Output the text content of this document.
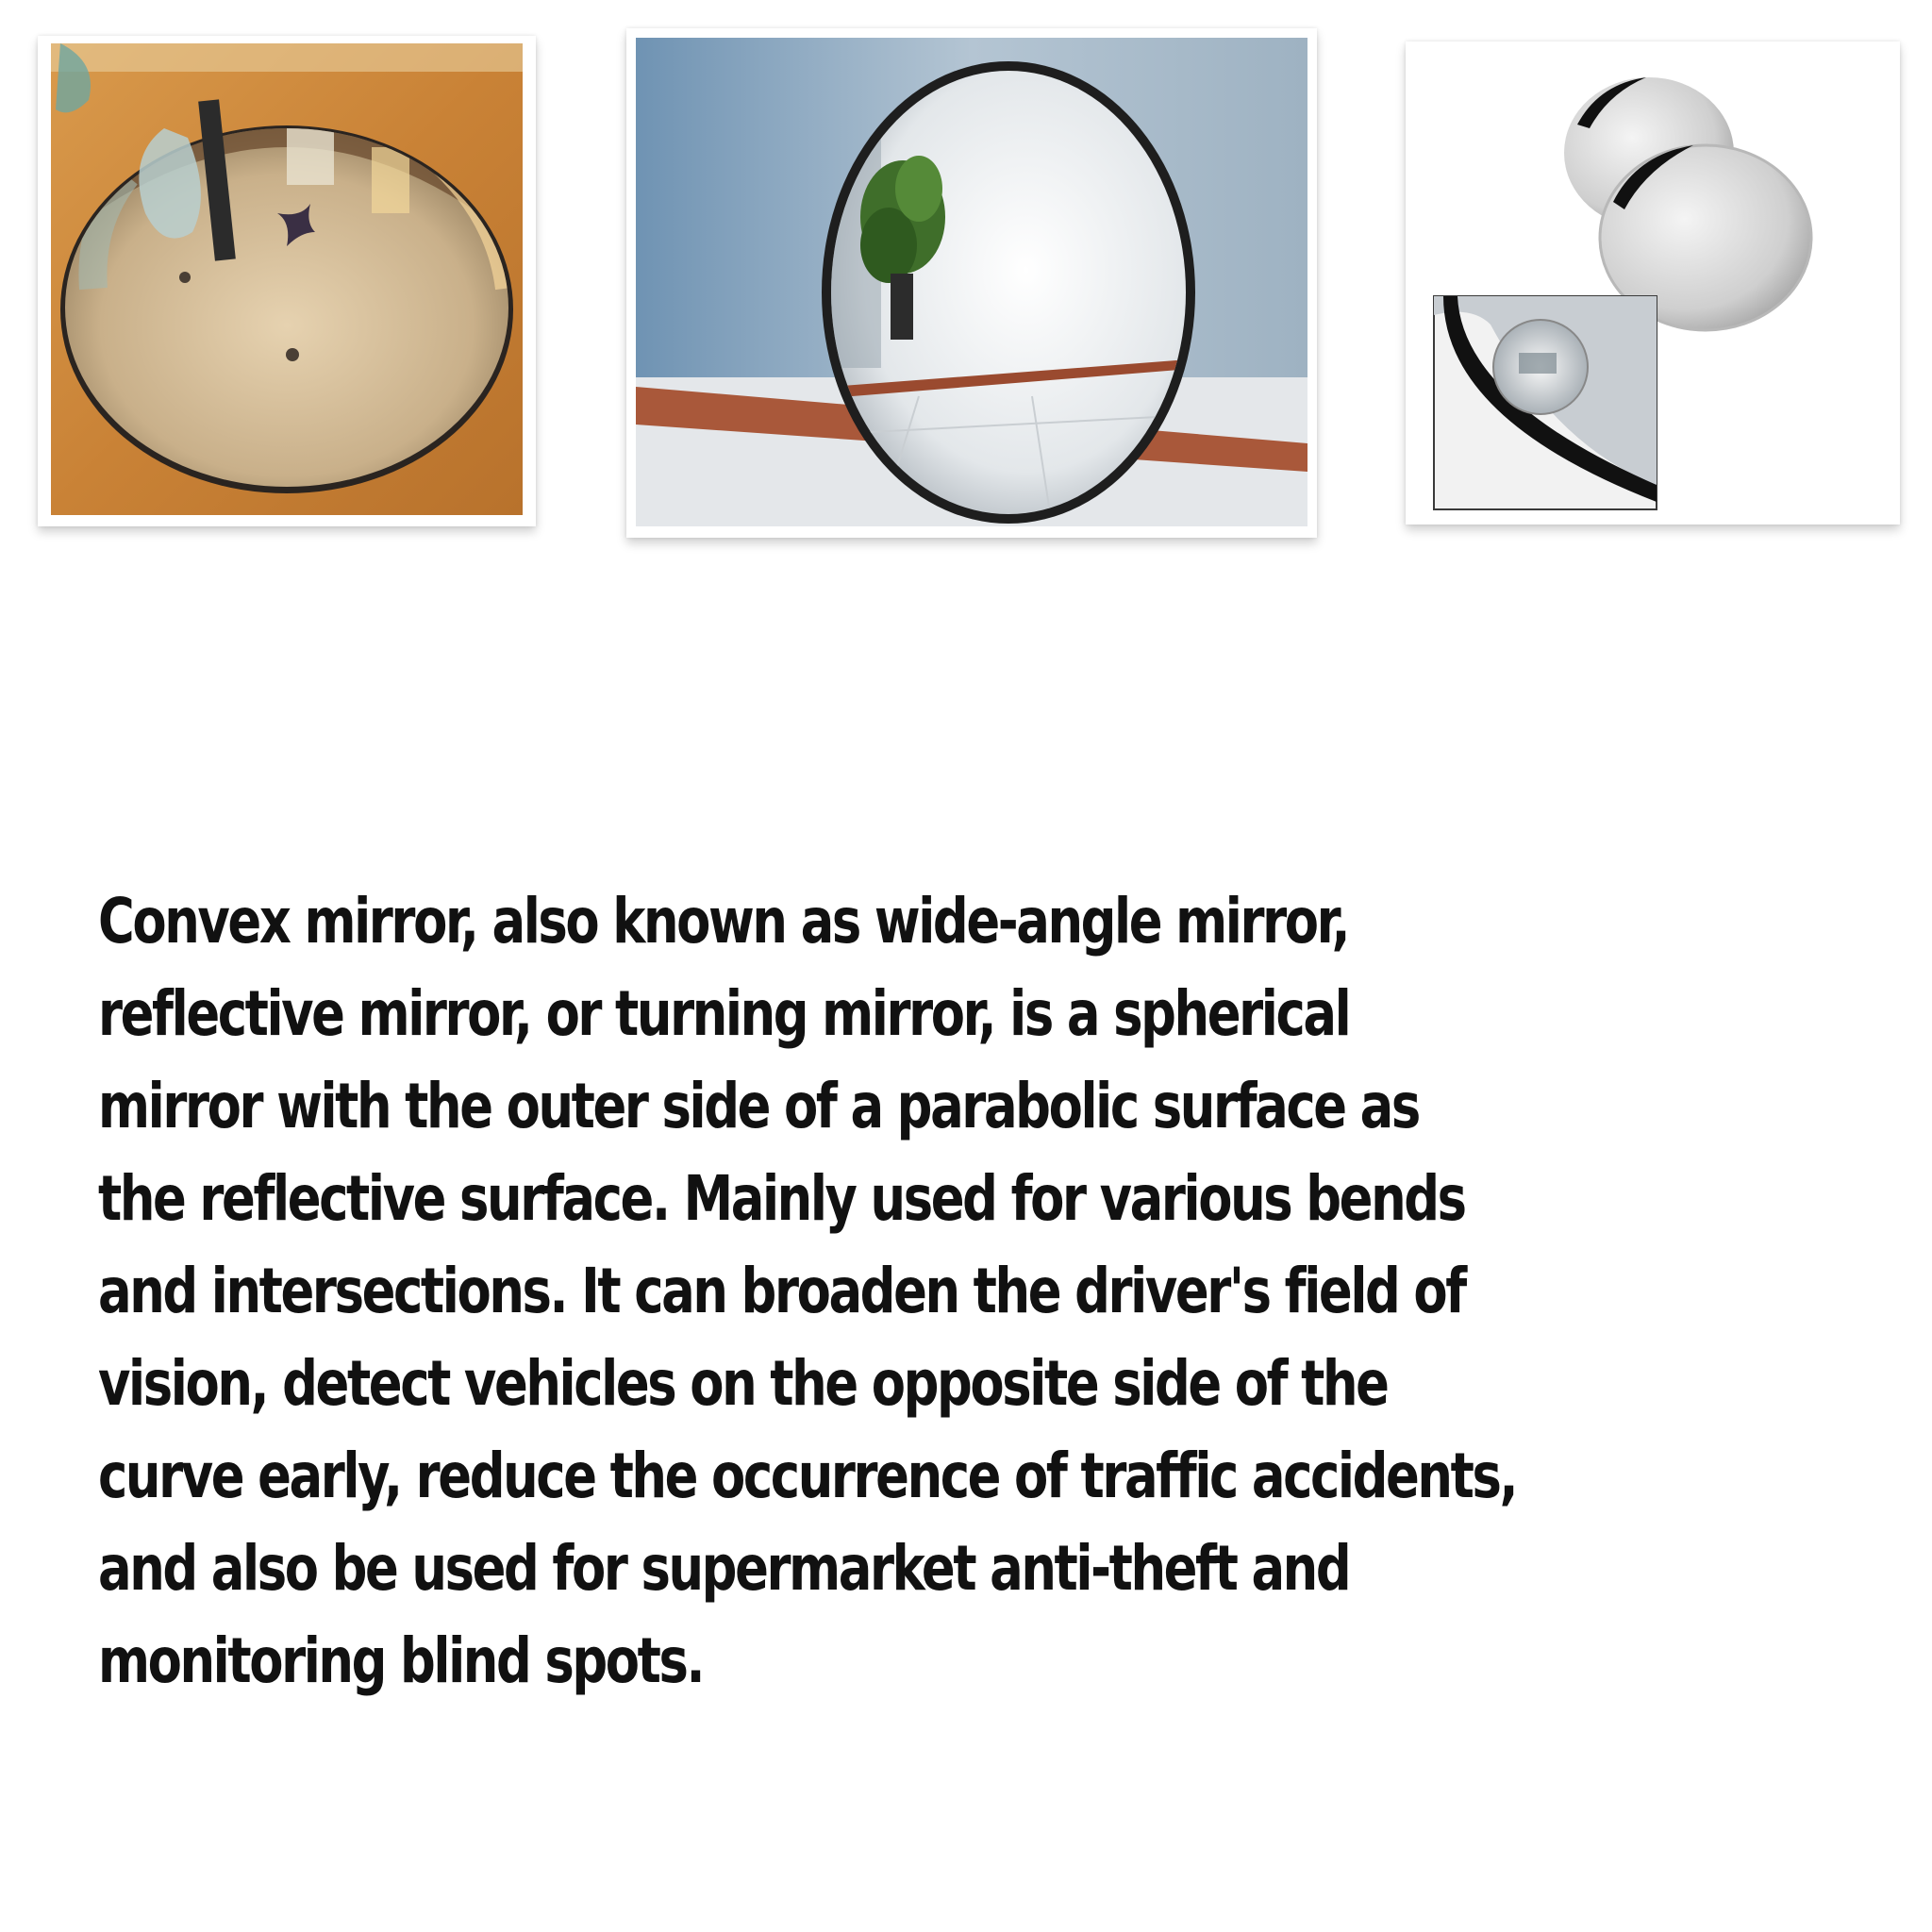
Convex mirror, also known as wide-angle mirror, reflective mirror, or turning mirror, is a spherical mirror with the outer side of a parabolic surface as the reflective surface. Mainly used for various bends and intersections. It can broaden the driver's field of vision, detect vehicles on the opposite side of the curve early, reduce the occurrence of traffic accidents, and also be used for supermarket anti-theft and monitoring blind spots.
